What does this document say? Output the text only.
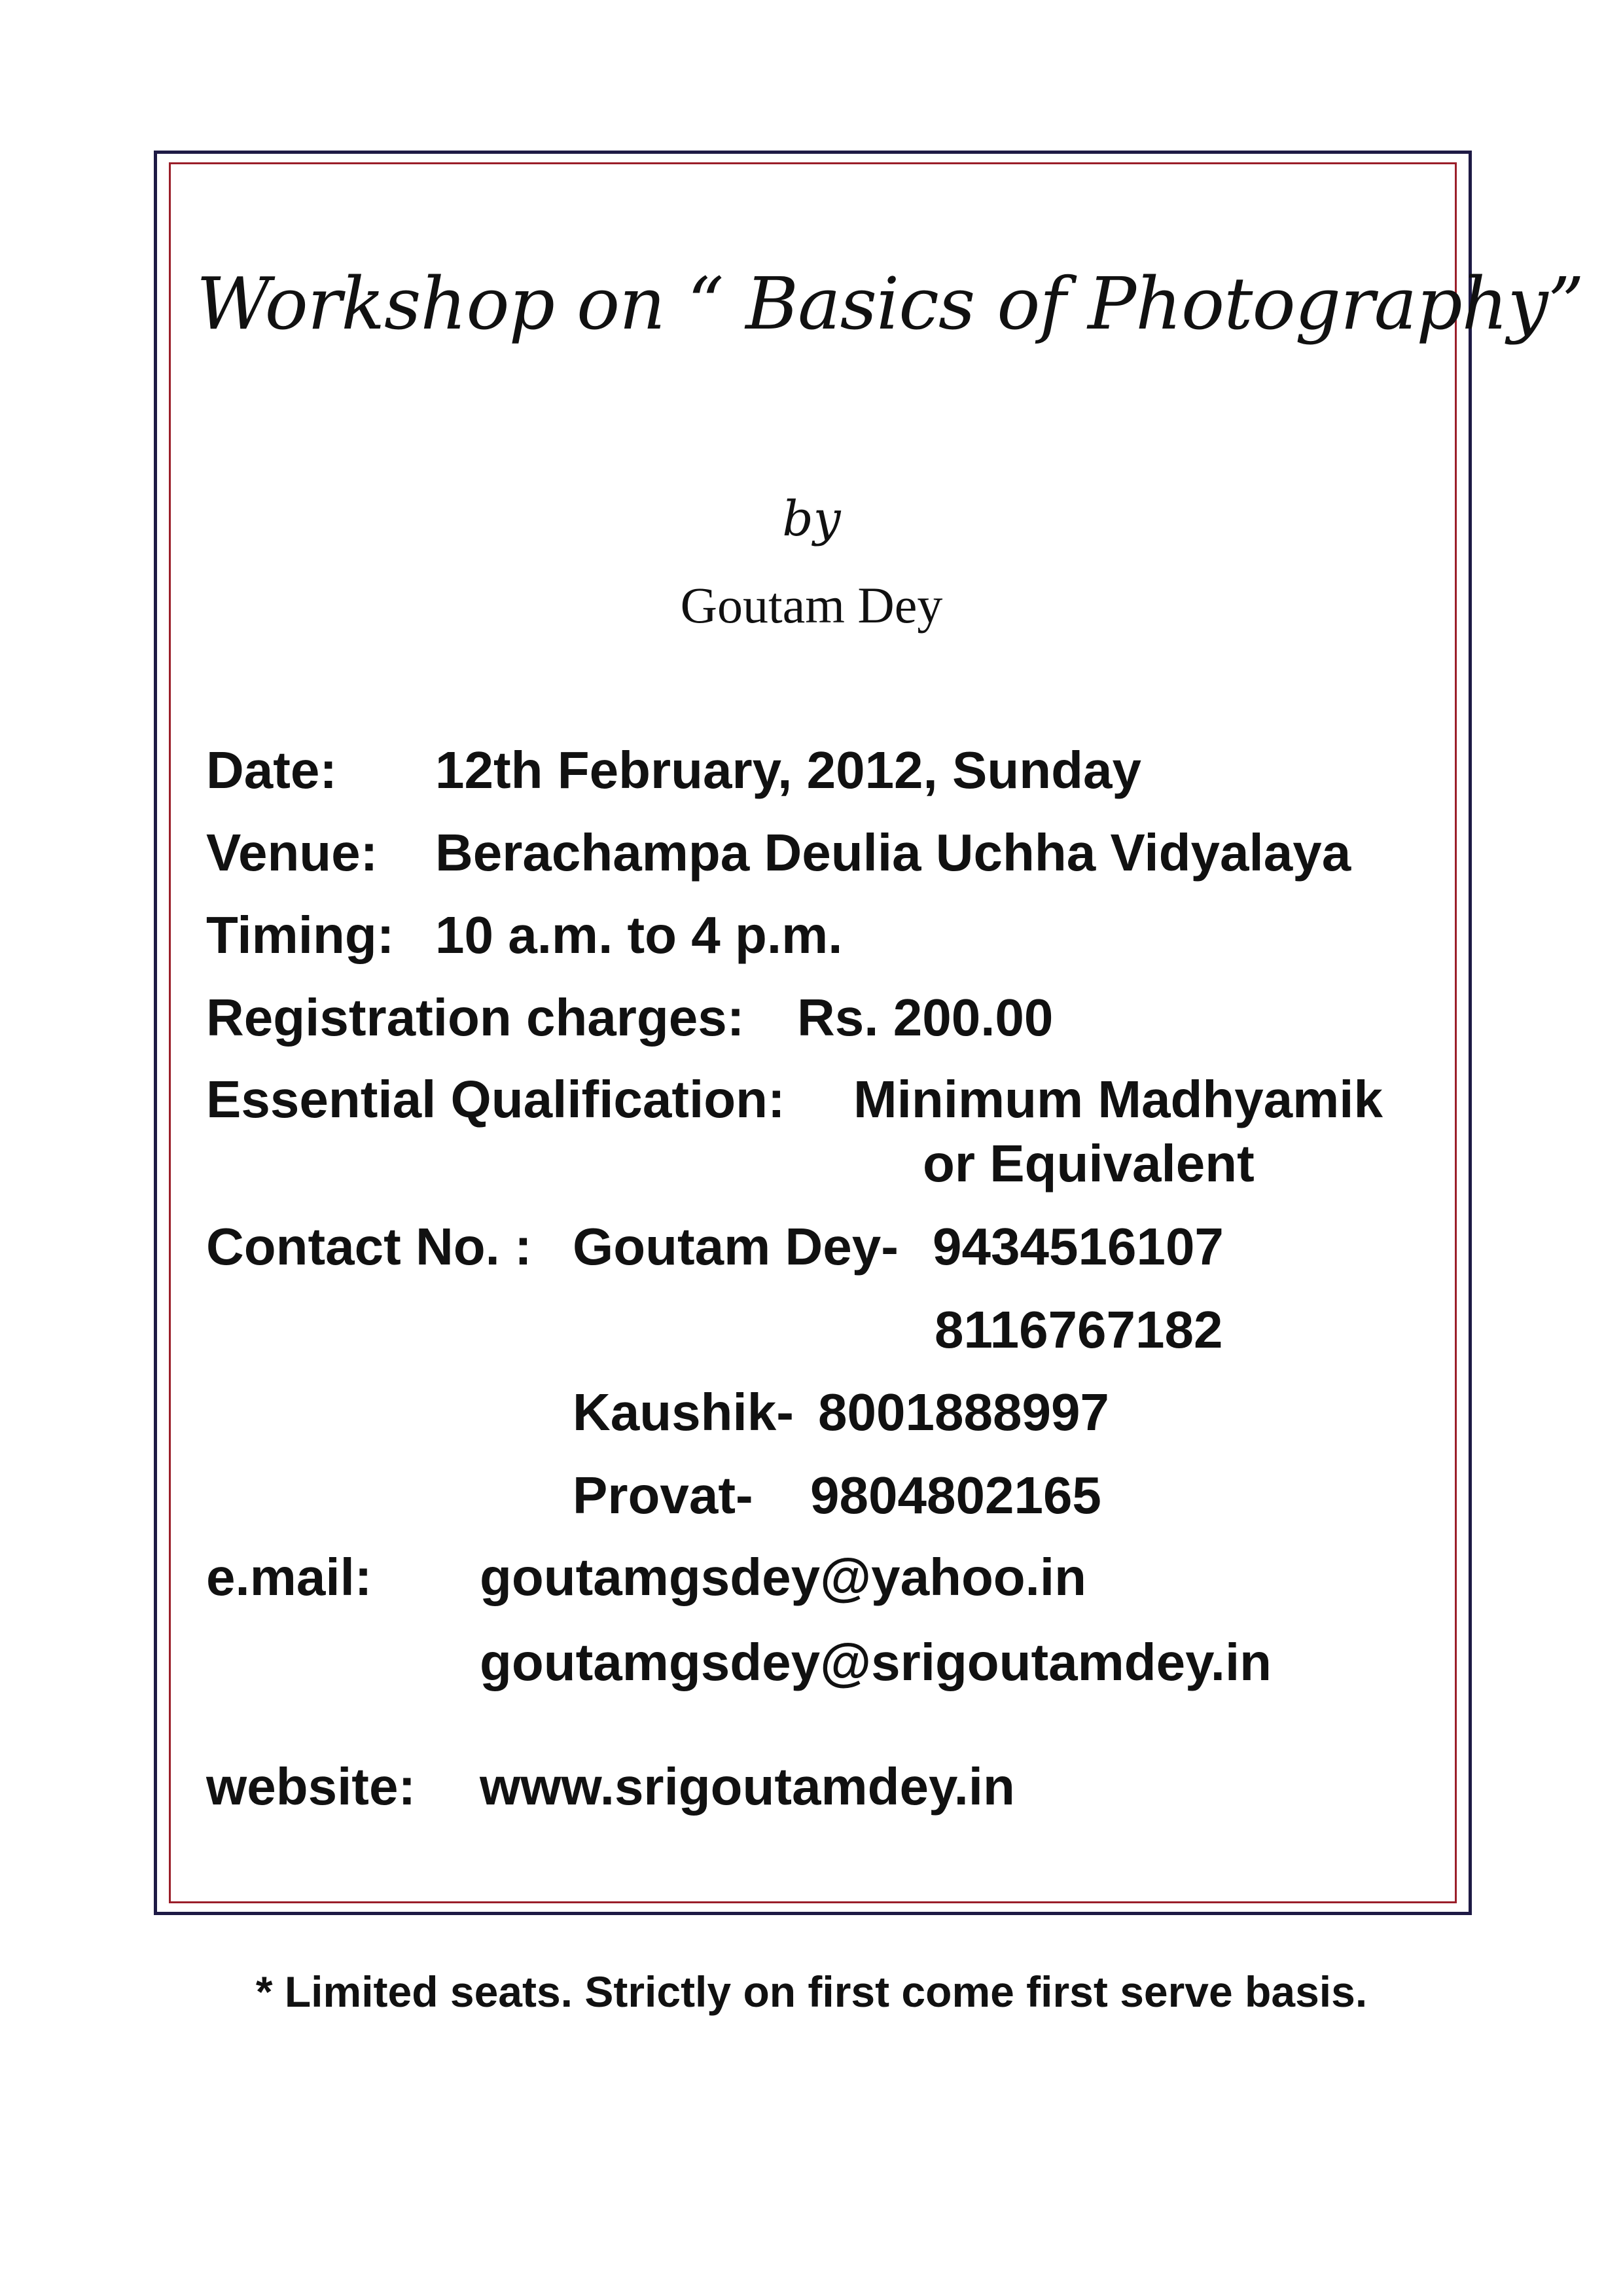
Workshop on “ Basics of Photography”
by
Goutam Dey
Date: 12th February, 2012, Sunday
Venue: Berachampa Deulia Uchha Vidyalaya
Timing: 10 a.m. to 4 p.m.
Registration charges: Rs. 200.00
Essential Qualification: Minimum Madhyamik
or Equivalent
Contact No. : Goutam Dey- 9434516107
8116767182
Kaushik- 8001888997
Provat- 9804802165
e.mail: goutamgsdey@yahoo.in
goutamgsdey@srigoutamdey.in
website: www.srigoutamdey.in
* Limited seats. Strictly on first come first serve basis.
